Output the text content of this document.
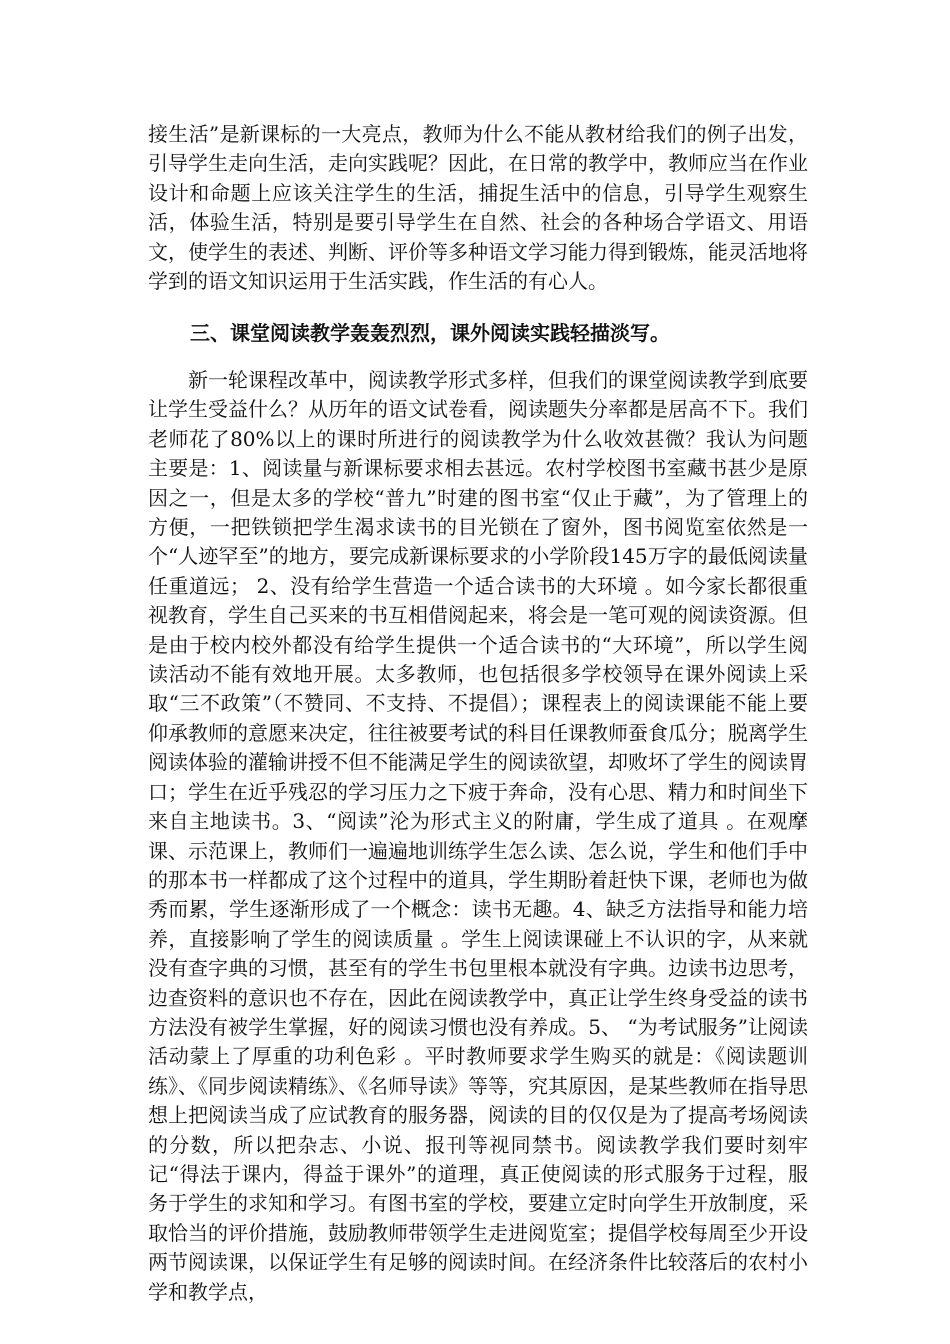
接生活”是新课标的一大亮点，教师为什么不能从教材给我们的例子出发，引导学生走向生活，走向实践呢？因此，在日常的教学中，教师应当在作业设计和命题上应该关注学生的生活，捕捉生活中的信息，引导学生观察生活，体验生活，特别是要引导学生在自然、社会的各种场合学语文、用语文，使学生的表述、判断、评价等多种语文学习能力得到锻炼，能灵活地将学到的语文知识运用于生活实践，作生活的有心人。

三、课堂阅读教学轰轰烈烈，课外阅读实践轻描淡写。

新一轮课程改革中，阅读教学形式多样，但我们的课堂阅读教学到底要让学生受益什么？从历年的语文试卷看，阅读题失分率都是居高不下。我们老师花了80%以上的课时所进行的阅读教学为什么收效甚微？我认为问题主要是：1、阅读量与新课标要求相去甚远。农村学校图书室藏书甚少是原因之一，但是太多的学校“普九”时建的图书室“仅止于藏”，为了管理上的方便，一把铁锁把学生渴求读书的目光锁在了窗外，图书阅览室依然是一个“人迹罕至”的地方，要完成新课标要求的小学阶段145万字的最低阅读量任重道远； 2、没有给学生营造一个适合读书的大环境 。如今家长都很重视教育，学生自己买来的书互相借阅起来，将会是一笔可观的阅读资源。但是由于校内校外都没有给学生提供一个适合读书的“大环境”，所以学生阅读活动不能有效地开展。太多教师，也包括很多学校领导在课外阅读上采取“三不政策”（不赞同、不支持、不提倡）；课程表上的阅读课能不能上要仰承教师的意愿来决定，往往被要考试的科目任课教师蚕食瓜分；脱离学生阅读体验的灌输讲授不但不能满足学生的阅读欲望，却败坏了学生的阅读胃口；学生在近乎残忍的学习压力之下疲于奔命，没有心思、精力和时间坐下来自主地读书。3、“阅读”沦为形式主义的附庸，学生成了道具 。在观摩课、示范课上，教师们一遍遍地训练学生怎么读、怎么说，学生和他们手中的那本书一样都成了这个过程中的道具，学生期盼着赶快下课，老师也为做秀而累，学生逐渐形成了一个概念：读书无趣。4、缺乏方法指导和能力培养，直接影响了学生的阅读质量 。学生上阅读课碰上不认识的字，从来就没有查字典的习惯，甚至有的学生书包里根本就没有字典。边读书边思考，边查资料的意识也不存在，因此在阅读教学中，真正让学生终身受益的读书方法没有被学生掌握，好的阅读习惯也没有养成。5、 “为考试服务”让阅读活动蒙上了厚重的功利色彩 。平时教师要求学生购买的就是：《阅读题训练》、《同步阅读精练》、《名师导读》等等，究其原因，是某些教师在指导思想上把阅读当成了应试教育的服务器，阅读的目的仅仅是为了提高考场阅读的分数，所以把杂志、小说、报刊等视同禁书。阅读教学我们要时刻牢记“得法于课内，得益于课外”的道理，真正使阅读的形式服务于过程，服务于学生的求知和学习。有图书室的学校，要建立定时向学生开放制度，采取恰当的评价措施，鼓励教师带领学生走进阅览室；提倡学校每周至少开设两节阅读课，以保证学生有足够的阅读时间。在经济条件比较落后的农村小学和教学点，
